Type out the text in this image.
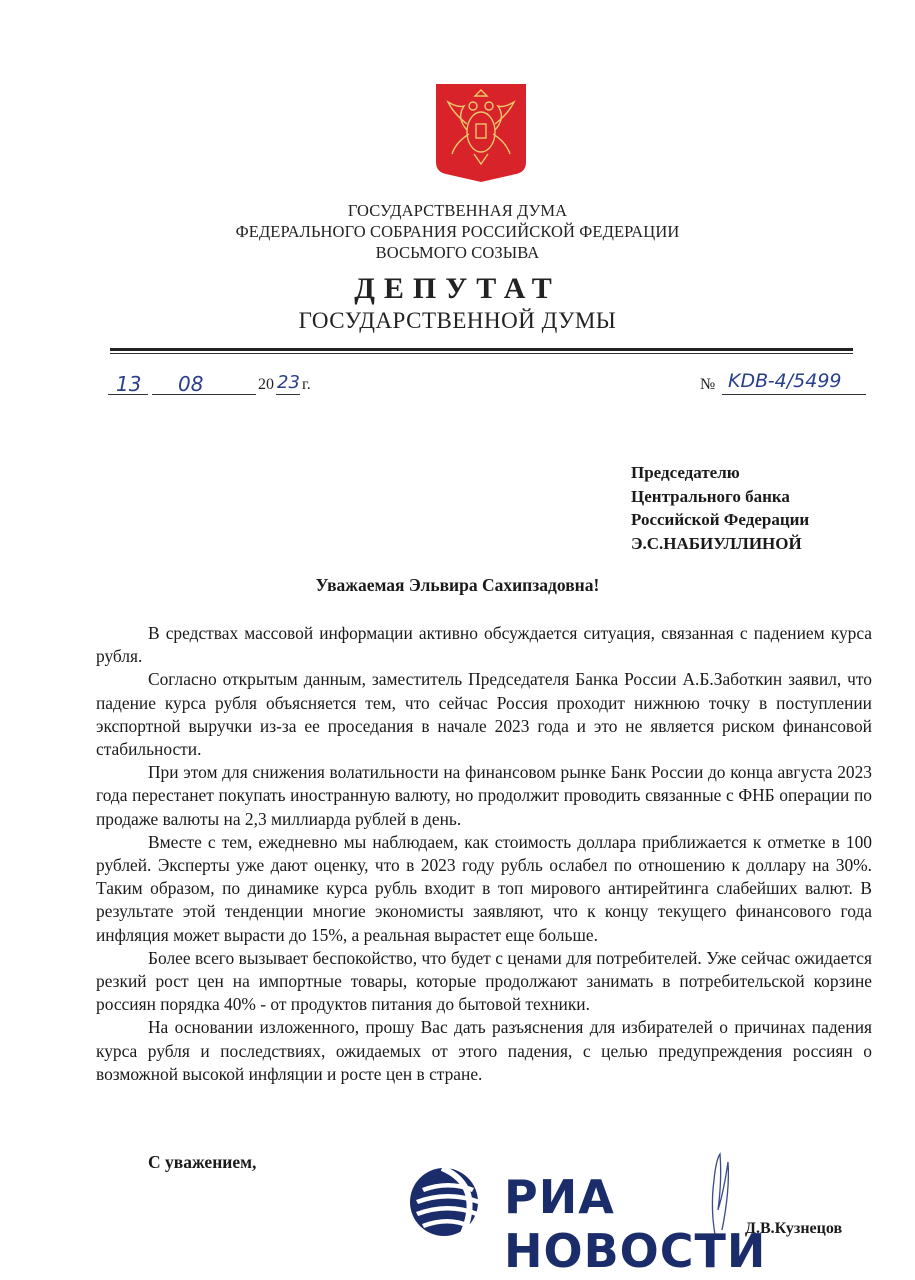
ГОСУДАРСТВЕННАЯ ДУМА
ФЕДЕРАЛЬНОГО СОБРАНИЯ РОССИЙСКОЙ ФЕДЕРАЦИИ
ВОСЬМОГО СОЗЫВА
ДЕПУТАТ
ГОСУДАРСТВЕННОЙ ДУМЫ
13 08	20 23 г.	№ KDB-4/5499
Председателю
Центрального банка
Российской Федерации
Э.С.НАБИУЛЛИНОЙ
Уважаемая Эльвира Сахипзадовна!

В средствах массовой информации активно обсуждается ситуация, связанная с падением курса рубля.

Согласно открытым данным, заместитель Председателя Банка России А.Б.Заботкин заявил, что падение курса рубля объясняется тем, что сейчас Россия проходит нижнюю точку в поступлении экспортной выручки из-за ее проседания в начале 2023 года и это не является риском финансовой стабильности.

При этом для снижения волатильности на финансовом рынке Банк России до конца августа 2023 года перестанет покупать иностранную валюту, но продолжит проводить связанные с ФНБ операции по продаже валюты на 2,3 миллиарда рублей в день.

Вместе с тем, ежедневно мы наблюдаем, как стоимость доллара приближается к отметке в 100 рублей. Эксперты уже дают оценку, что в 2023 году рубль ослабел по отношению к доллару на 30%. Таким образом, по динамике курса рубль входит в топ мирового антирейтинга слабейших валют. В результате этой тенденции многие экономисты заявляют, что к концу текущего финансового года инфляция может вырасти до 15%, а реальная вырастет еще больше.

Более всего вызывает беспокойство, что будет с ценами для потребителей. Уже сейчас ожидается резкий рост цен на импортные товары, которые продолжают занимать в потребительской корзине россиян порядка 40% - от продуктов питания до бытовой техники.

На основании изложенного, прошу Вас дать разъяснения для избирателей о причинах падения курса рубля и последствиях, ожидаемых от этого падения, с целью предупреждения россиян о возможной высокой инфляции и росте цен в стране.

С уважением,
Д.В.Кузнецов
РИА НОВОСТИ
